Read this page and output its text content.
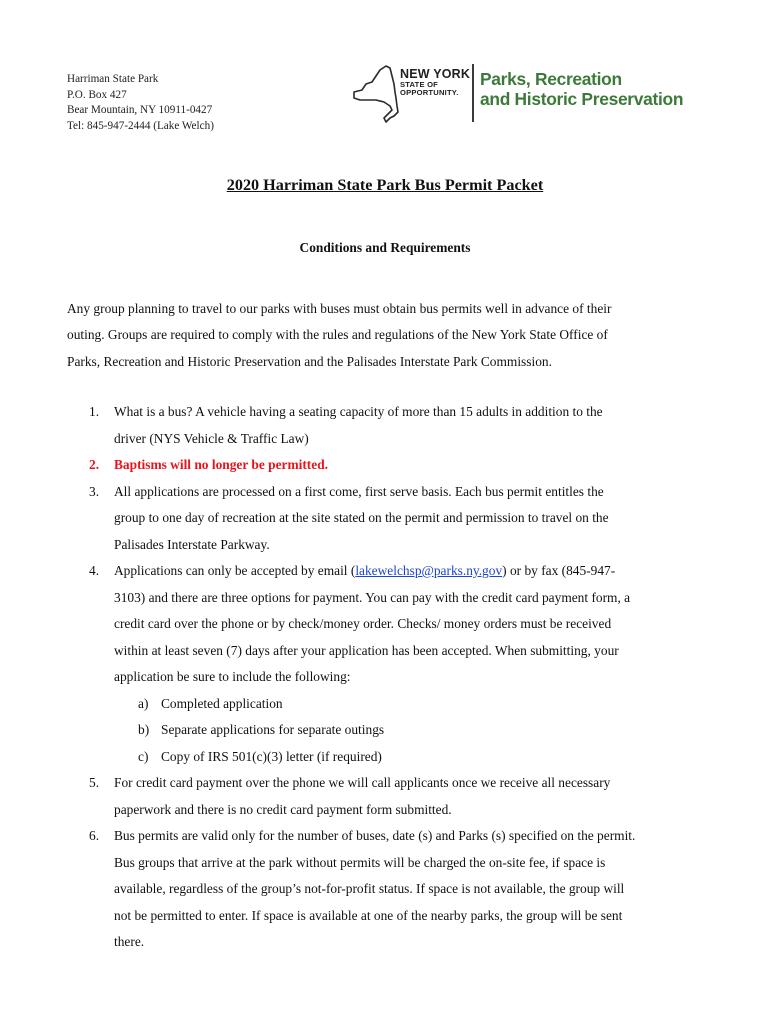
Harriman State Park
P.O. Box 427
Bear Mountain, NY 10911-0427
Tel: 845-947-2444 (Lake Welch)
NEW YORK
STATE OF
OPPORTUNITY.
Parks, Recreation
and Historic Preservation
2020 Harriman State Park Bus Permit Packet
Conditions and Requirements
Any group planning to travel to our parks with buses must obtain bus permits well in advance of their
outing. Groups are required to comply with the rules and regulations of the New York State Office of
Parks, Recreation and Historic Preservation and the Palisades Interstate Park Commission.
1. What is a bus? A vehicle having a seating capacity of more than 15 adults in addition to the
driver (NYS Vehicle & Traffic Law)
2. Baptisms will no longer be permitted.
3. All applications are processed on a first come, first serve basis. Each bus permit entitles the
group to one day of recreation at the site stated on the permit and permission to travel on the
Palisades Interstate Parkway.
4. Applications can only be accepted by email (lakewelchsp@parks.ny.gov) or by fax (845-947-
3103) and there are three options for payment. You can pay with the credit card payment form, a
credit card over the phone or by check/money order. Checks/ money orders must be received
within at least seven (7) days after your application has been accepted. When submitting, your
application be sure to include the following:
a) Completed application
b) Separate applications for separate outings
c) Copy of IRS 501(c)(3) letter (if required)
5. For credit card payment over the phone we will call applicants once we receive all necessary
paperwork and there is no credit card payment form submitted.
6. Bus permits are valid only for the number of buses, date (s) and Parks (s) specified on the permit.
Bus groups that arrive at the park without permits will be charged the on-site fee, if space is
available, regardless of the group’s not-for-profit status. If space is not available, the group will
not be permitted to enter. If space is available at one of the nearby parks, the group will be sent
there.
